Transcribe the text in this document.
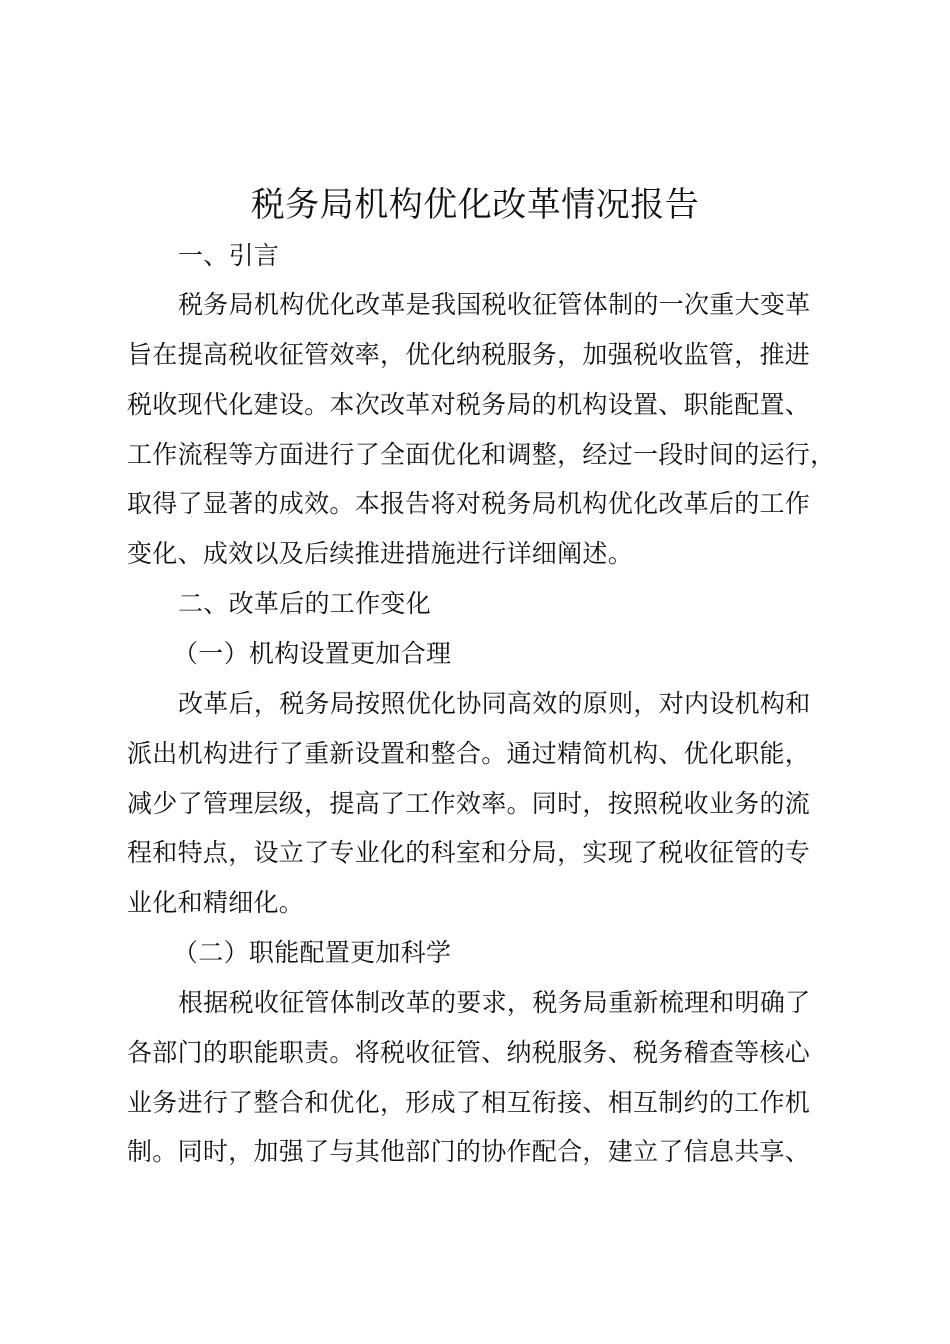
税务局机构优化改革情况报告
一、引言
税务局机构优化改革是我国税收征管体制的一次重大变革
旨在提高税收征管效率，优化纳税服务，加强税收监管，推进
税收现代化建设。本次改革对税务局的机构设置、职能配置、
工作流程等方面进行了全面优化和调整，经过一段时间的运行，
取得了显著的成效。本报告将对税务局机构优化改革后的工作
变化、成效以及后续推进措施进行详细阐述。
二、改革后的工作变化
（一）机构设置更加合理
改革后，税务局按照优化协同高效的原则，对内设机构和
派出机构进行了重新设置和整合。通过精简机构、优化职能，
减少了管理层级，提高了工作效率。同时，按照税收业务的流
程和特点，设立了专业化的科室和分局，实现了税收征管的专
业化和精细化。
（二）职能配置更加科学
根据税收征管体制改革的要求，税务局重新梳理和明确了
各部门的职能职责。将税收征管、纳税服务、税务稽查等核心
业务进行了整合和优化，形成了相互衔接、相互制约的工作机
制。同时，加强了与其他部门的协作配合，建立了信息共享、
